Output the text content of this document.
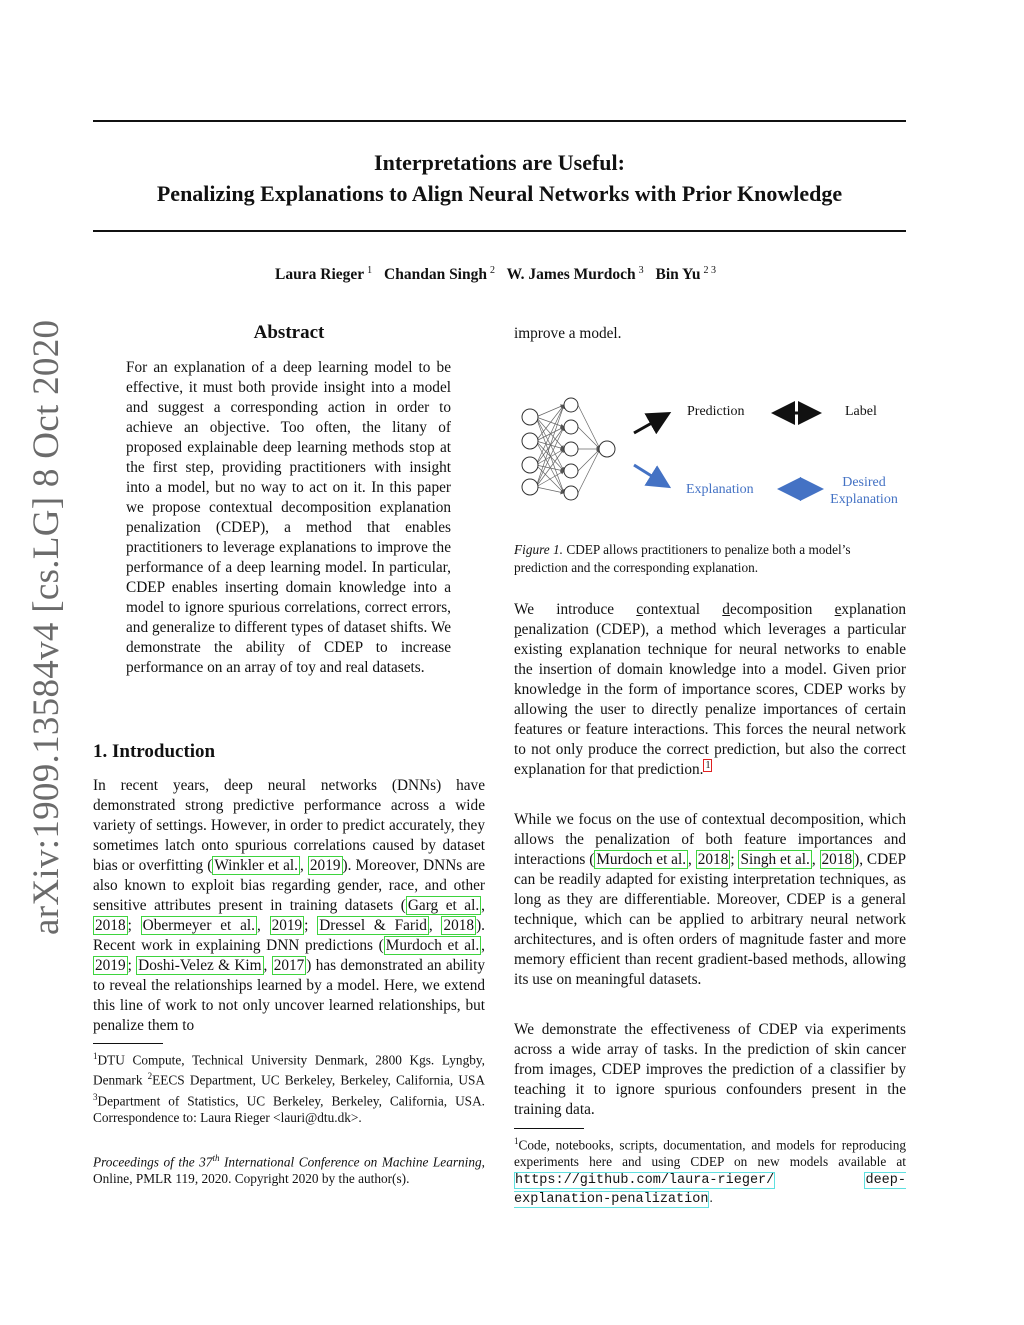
arXiv:1909.13584v4 [cs.LG] 8 Oct 2020
Interpretations are Useful:
Penalizing Explanations to Align Neural Networks with Prior Knowledge
Laura Rieger $^1$ Chandan Singh $^2$ W. James Murdoch $^3$ Bin Yu $^{2 3}$
Abstract
For an explanation of a deep learning model to be effective, it must both provide insight into a model and suggest a corresponding action in order to achieve an objective. Too often, the litany of proposed explainable deep learning methods stop at the first step, providing practitioners with insight into a model, but no way to act on it. In this paper we propose contextual decomposition explanation penalization (CDEP), a method that enables practitioners to leverage explanations to improve the performance of a deep learning model. In particular, CDEP enables inserting domain knowledge into a model to ignore spurious correlations, correct errors, and generalize to different types of dataset shifts. We demonstrate the ability of CDEP to increase performance on an array of toy and real datasets.
1. Introduction
In recent years, deep neural networks (DNNs) have demonstrated strong predictive performance across a wide variety of settings. However, in order to predict accurately, they sometimes latch onto spurious correlations caused by dataset bias or overfitting ( Winkler et al. , 2019 ). Moreover, DNNs are also known to exploit bias regarding gender, race, and other sensitive attributes present in training datasets ( Garg et al. , 2018 ; Obermeyer et al. , 2019 ; Dressel & Farid , 2018 ). Recent work in explaining DNN predictions ( Murdoch et al. , 2019 ; Doshi-Velez & Kim , 2017 ) has demonstrated an ability to reveal the relationships learned by a model. Here, we extend this line of work to not only uncover learned relationships, but penalize them to
$^1$DTU Compute, Technical University Denmark, 2800 Kgs. Lyngby, Denmark $^2$EECS Department, UC Berkeley, Berkeley, California, USA $^3$Department of Statistics, UC Berkeley, Berkeley, California, USA. Correspondence to: Laura Rieger <lauri@dtu.dk>.
Proceedings of the 37th International Conference on Machine Learning, Online, PMLR 119, 2020. Copyright 2020 by the author(s).
improve a model.
Prediction	Label
Explanation	Desired
Explanation
Figure 1. CDEP allows practitioners to penalize both a model’s prediction and the corresponding explanation.
We introduce contextual decomposition explanation penalization (CDEP), a method which leverages a particular existing explanation technique for neural networks to enable the insertion of domain knowledge into a model. Given prior knowledge in the form of importance scores, CDEP works by allowing the user to directly penalize importances of certain features or feature interactions. This forces the neural network to not only produce the correct prediction, but also the correct explanation for that prediction. $^1$
While we focus on the use of contextual decomposition, which allows the penalization of both feature importances and interactions ( Murdoch et al. , 2018 ; Singh et al. , 2018 ), CDEP can be readily adapted for existing interpretation techniques, as long as they are differentiable. Moreover, CDEP is a general technique, which can be applied to arbitrary neural network architectures, and is often orders of magnitude faster and more memory efficient than recent gradient-based methods, allowing its use on meaningful datasets.
We demonstrate the effectiveness of CDEP via experiments across a wide array of tasks. In the prediction of skin cancer from images, CDEP improves the prediction of a classifier by teaching it to ignore spurious confounders present in the training data.
$^1$Code, notebooks, scripts, documentation, and models for reproducing experiments here and using CDEP on new models available at https://github.com/laura-rieger/	deep-explanation-penalization.
